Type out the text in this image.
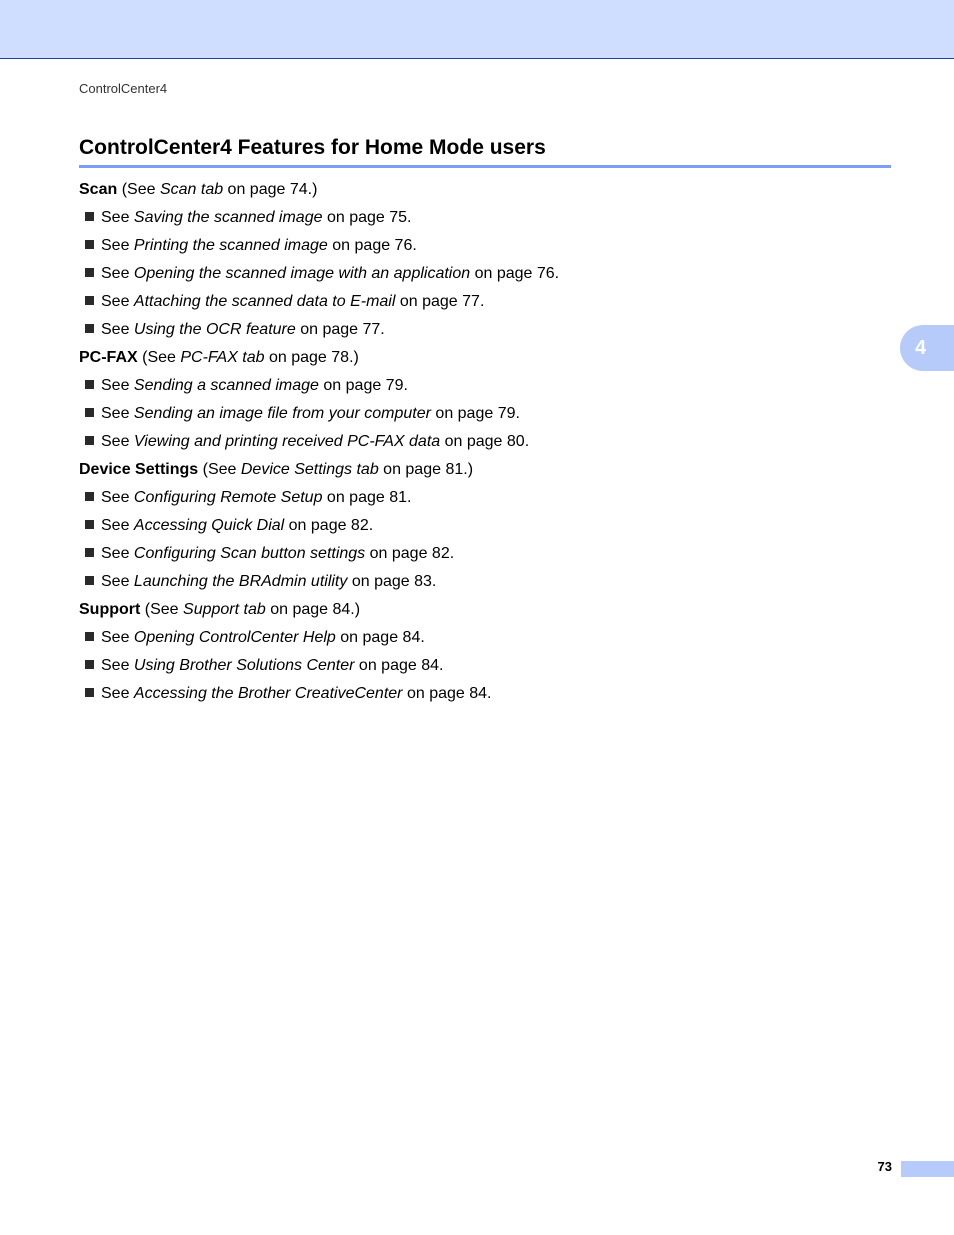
ControlCenter4
ControlCenter4 Features for Home Mode users
Scan (See Scan tab on page 74.)
See Saving the scanned image on page 75.
See Printing the scanned image on page 76.
See Opening the scanned image with an application on page 76.
See Attaching the scanned data to E-mail on page 77.
See Using the OCR feature on page 77.
PC-FAX (See PC-FAX tab on page 78.)
See Sending a scanned image on page 79.
See Sending an image file from your computer on page 79.
See Viewing and printing received PC-FAX data on page 80.
Device Settings (See Device Settings tab on page 81.)
See Configuring Remote Setup on page 81.
See Accessing Quick Dial on page 82.
See Configuring Scan button settings on page 82.
See Launching the BRAdmin utility on page 83.
Support (See Support tab on page 84.)
See Opening ControlCenter Help on page 84.
See Using Brother Solutions Center on page 84.
See Accessing the Brother CreativeCenter on page 84.
4
73
